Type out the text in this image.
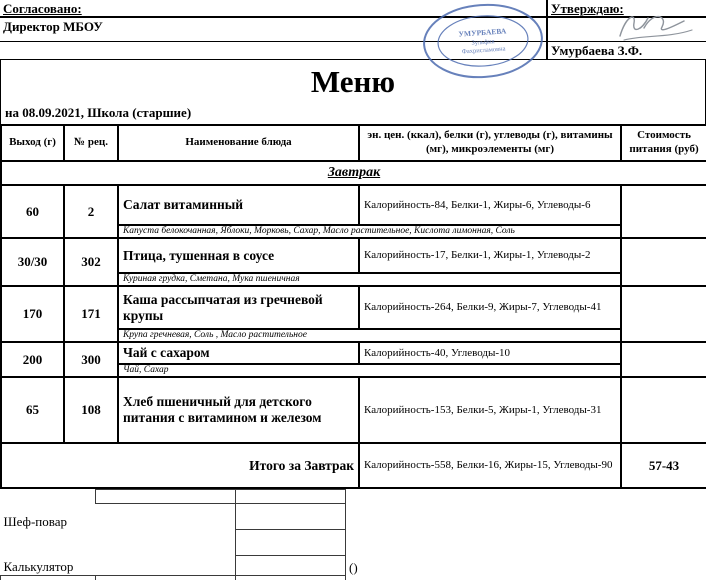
Согласовано:
Директор МБОУ
Утверждаю:
Умурбаева З.Ф.
УМУРБАЕВА
Зульфия
Фахрисламовна
Меню
на 08.09.2021, Школа (старшие)
Выход (г)	№ рец.	Наименование блюда	эн. цен. (ккал), белки (г), углеводы (г), витамины (мг), микроэлементы (мг)	Стоимость питания (руб)
Завтрак				
60	2	Салат витаминный	Калорийность-84, Белки-1, Жиры-6, Углеводы-6	
		Капуста белокочанная, Яблоки, Морковь, Сахар, Масло растительное, Кислота лимонная, Соль		
30/30	302	Птица, тушенная в соусе	Калорийность-17, Белки-1, Жиры-1, Углеводы-2	
		Куриная грудка, Сметана, Мука пшеничная		
170	171	Каша рассыпчатая из гречневой крупы	Калорийность-264, Белки-9, Жиры-7, Углеводы-41	
		Крупа гречневая, Соль , Масло растительное		
200	300	Чай с сахаром	Калорийность-40, Углеводы-10	
		Чай, Сахар		
65	108	Хлеб пшеничный для детского питания с витамином и железом	Калорийность-153, Белки-5, Жиры-1, Углеводы-31	
Итого за Завтрак			Калорийность-558, Белки-16, Жиры-15, Углеводы-90	57-43

Шеф-повар			

Калькулятор			()
